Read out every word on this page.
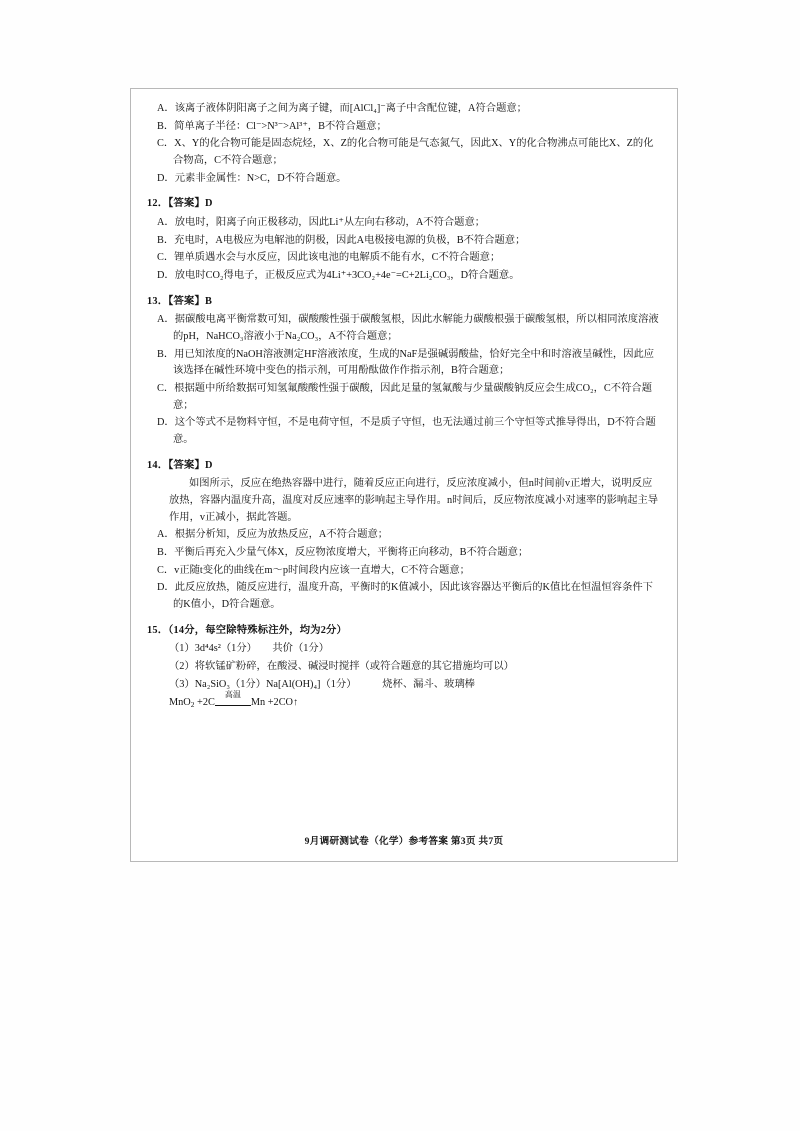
A．该离子液体阴阳离子之间为离子键，而[AlCl₄]⁻离子中含配位键，A符合题意；
B．简单离子半径：Cl⁻>N³⁻>Al³⁺，B不符合题意；
C．X、Y的化合物可能是固态烷烃，X、Z的化合物可能是气态氮气，因此X、Y的化合物沸点可能比X、Z的化合物高，C不符合题意；
D．元素非金属性：N>C，D不符合题意。
12．【答案】D
A．放电时，阳离子向正极移动，因此Li⁺从左向右移动，A不符合题意；
B．充电时，A电极应为电解池的阴极，因此A电极接电源的负极，B不符合题意；
C．锂单质遇水会与水反应，因此该电池的电解质不能有水，C不符合题意；
D．放电时CO₂得电子，正极反应式为4Li⁺+3CO₂+4e⁻=C+2Li₂CO₃，D符合题意。
13．【答案】B
A．据碳酸电离平衡常数可知，碳酸酸性强于碳酸氢根，因此水解能力碳酸根强于碳酸氢根，所以相同浓度溶液的pH，NaHCO₃溶液小于Na₂CO₃，A不符合题意；
B．用已知浓度的NaOH溶液测定HF溶液浓度，生成的NaF是强碱弱酸盐，恰好完全中和时溶液呈碱性，因此应该选择在碱性环境中变色的指示剂，可用酚酞做作作指示剂，B符合题意；
C．根据题中所给数据可知氢氟酸酸性强于碳酸，因此足量的氢氟酸与少量碳酸钠反应会生成CO₂，C不符合题意；
D．这个等式不是物料守恒，不是电荷守恒，不是质子守恒，也无法通过前三个守恒等式推导得出，D不符合题意。
14．【答案】D
如图所示，反应在绝热容器中进行，随着反应正向进行，反应浓度减小，但n时间前v正增大，说明反应放热，容器内温度升高，温度对反应速率的影响起主导作用。n时间后，反应物浓度减小对速率的影响起主导作用，v正减小，据此答题。
A．根据分析知，反应为放热反应，A不符合题意；
B．平衡后再充入少量气体X，反应物浓度增大，平衡将正向移动，B不符合题意；
C．v正随t变化的曲线在m～p时间段内应该一直增大，C不符合题意；
D．此反应放热，随反应进行，温度升高，平衡时的K值减小，因此该容器达平衡后的K值比在恒温恒容条件下的K值小，D符合题意。
15．（14分，每空除特殊标注外，均为2分）
（1）3d⁴4s²（1分）　　共价（1分）
（2）将软锰矿粉碎，在酸浸、碱浸时搅拌（或符合题意的其它措施均可以）
（3）Na₂SiO₃（1分）Na[Al(OH)₄]（1分）　　　烧杯、漏斗、玻璃棒
MnO$_2$ +2C
高温
Mn +2CO↑
9月调研测试卷（化学）参考答案 第3页 共7页
